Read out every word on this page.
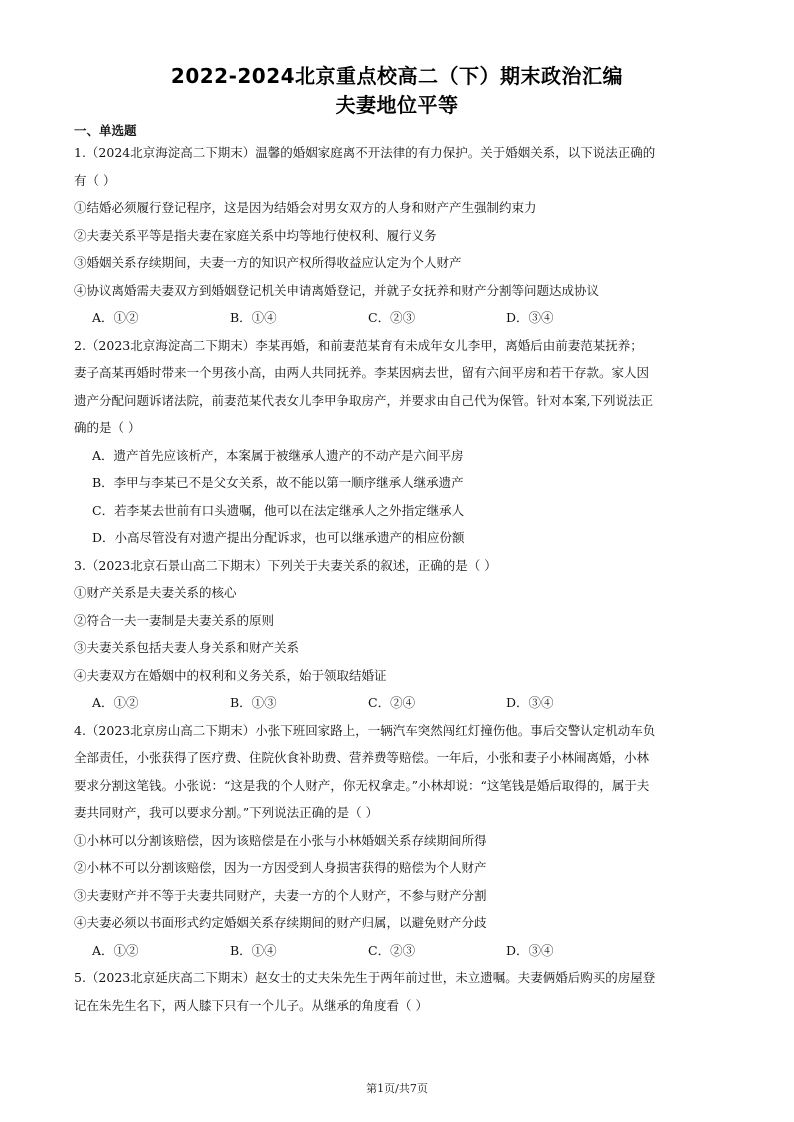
2022-2024北京重点校高二（下）期末政治汇编
夫妻地位平等
一、单选题
1.（2024北京海淀高二下期末）温馨的婚姻家庭离不开法律的有力保护。关于婚姻关系，以下说法正确的
有（ ）
①结婚必须履行登记程序，这是因为结婚会对男女双方的人身和财产产生强制约束力
②夫妻关系平等是指夫妻在家庭关系中均等地行使权利、履行义务
③婚姻关系存续期间，夫妻一方的知识产权所得收益应认定为个人财产
④协议离婚需夫妻双方到婚姻登记机关申请离婚登记，并就子女抚养和财产分割等问题达成协议
A．①②	B．①④	C．②③	D．③④
2.（2023北京海淀高二下期末）李某再婚，和前妻范某育有未成年女儿李甲，离婚后由前妻范某抚养；
妻子高某再婚时带来一个男孩小高，由两人共同抚养。李某因病去世，留有六间平房和若干存款。家人因
遗产分配问题诉诸法院，前妻范某代表女儿李甲争取房产，并要求由自己代为保管。针对本案,下列说法正
确的是（ ）
A．遗产首先应该析产，本案属于被继承人遗产的不动产是六间平房
B．李甲与李某已不是父女关系，故不能以第一顺序继承人继承遗产
C．若李某去世前有口头遗嘱，他可以在法定继承人之外指定继承人
D．小高尽管没有对遗产提出分配诉求，也可以继承遗产的相应份额
3.（2023北京石景山高二下期末）下列关于夫妻关系的叙述，正确的是（ ）
①财产关系是夫妻关系的核心
②符合一夫一妻制是夫妻关系的原则
③夫妻关系包括夫妻人身关系和财产关系
④夫妻双方在婚姻中的权利和义务关系，始于领取结婚证
A．①②	B．①③	C．②④	D．③④
4.（2023北京房山高二下期末）小张下班回家路上，一辆汽车突然闯红灯撞伤他。事后交警认定机动车负
全部责任，小张获得了医疗费、住院伙食补助费、营养费等赔偿。一年后，小张和妻子小林闹离婚，小林
要求分割这笔钱。小张说：“这是我的个人财产，你无权拿走。”小林却说：“这笔钱是婚后取得的，属于夫
妻共同财产，我可以要求分割。”下列说法正确的是（ ）
①小林可以分割该赔偿，因为该赔偿是在小张与小林婚姻关系存续期间所得
②小林不可以分割该赔偿，因为一方因受到人身损害获得的赔偿为个人财产
③夫妻财产并不等于夫妻共同财产，夫妻一方的个人财产，不参与财产分割
④夫妻必须以书面形式约定婚姻关系存续期间的财产归属，以避免财产分歧
A．①②	B．①④	C．②③	D．③④
5.（2023北京延庆高二下期末）赵女士的丈夫朱先生于两年前过世，未立遗嘱。夫妻俩婚后购买的房屋登
记在朱先生名下，两人膝下只有一个儿子。从继承的角度看（ ）
第1页/共7页
